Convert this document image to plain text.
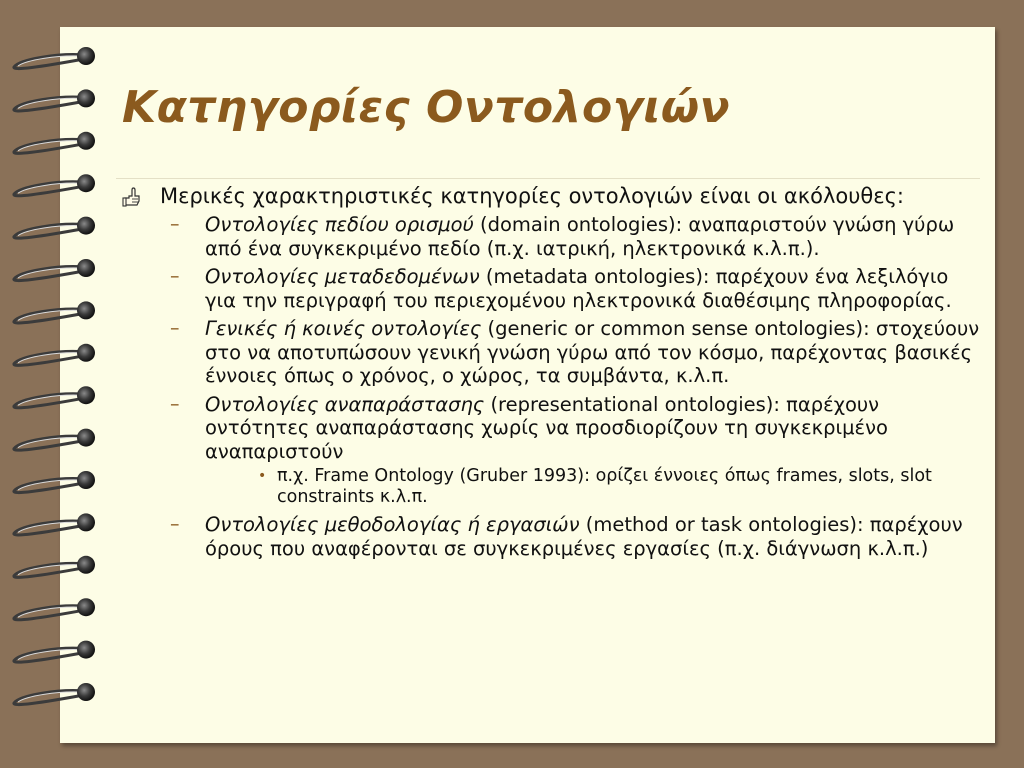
Κατηγορίες Οντολογιών
Μερικές χαρακτηριστικές κατηγορίες οντολογιών είναι οι ακόλουθες:
– Οντολογίες πεδίου ορισμού (domain ontologies): αναπαριστούν γνώση γύρω από ένα συγκεκριμένο πεδίο (π.χ. ιατρική, ηλεκτρονικά κ.λ.π.).
– Οντολογίες μεταδεδομένων (metadata ontologies): παρέχουν ένα λεξιλόγιο για την περιγραφή του περιεχομένου ηλεκτρονικά διαθέσιμης πληροφορίας.
– Γενικές ή κοινές οντολογίες (generic or common sense ontologies): στοχεύουν στο να αποτυπώσουν γενική γνώση γύρω από τον κόσμο, παρέχοντας βασικές έννοιες όπως ο χρόνος, ο χώρος, τα συμβάντα, κ.λ.π.
– Οντολογίες αναπαράστασης (representational ontologies): παρέχουν οντότητες αναπαράστασης χωρίς να προσδιορίζουν τη συγκεκριμένο αναπαριστούν
• π.χ. Frame Ontology (Gruber 1993): ορίζει έννοιες όπως frames, slots, slot constraints κ.λ.π.
– Οντολογίες μεθοδολογίας ή εργασιών (method or task ontologies): παρέχουν όρους που αναφέρονται σε συγκεκριμένες εργασίες (π.χ. διάγνωση κ.λ.π.)
